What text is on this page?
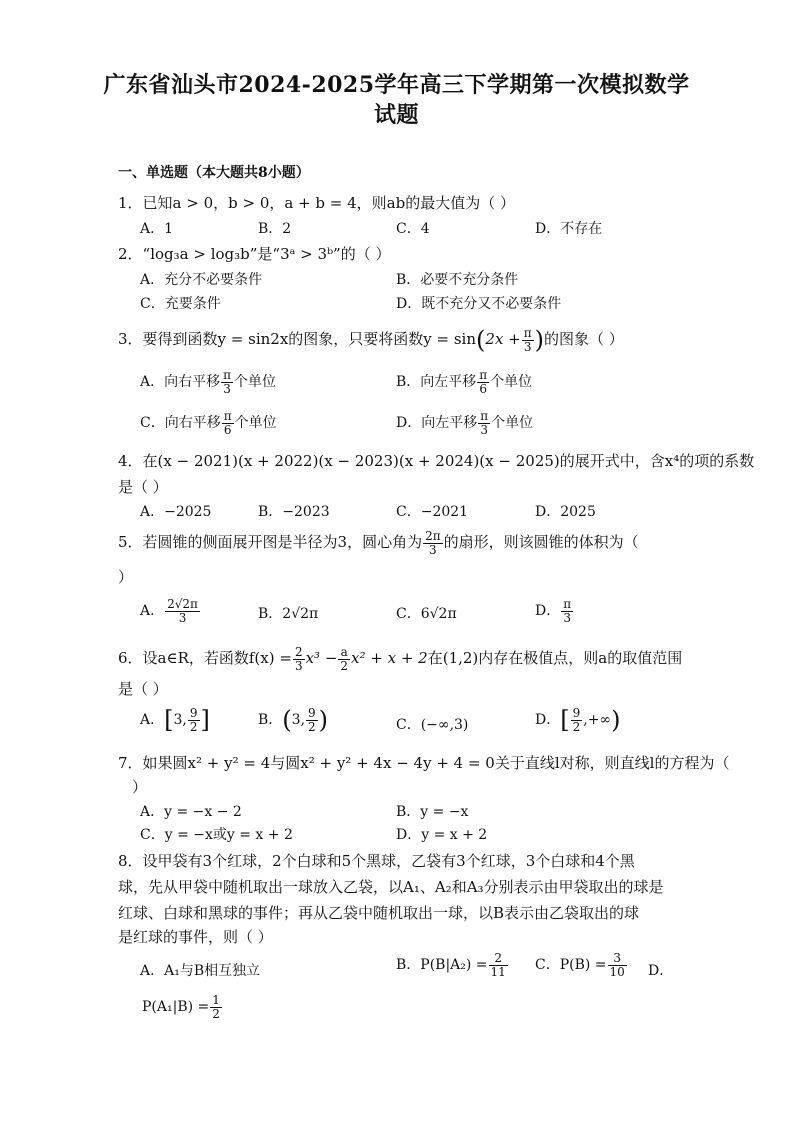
广东省汕头市2024-2025学年高三下学期第一次模拟数学
试题
一、单选题（本大题共8小题）
1．已知a > 0，b > 0，a + b = 4，则ab的最大值为（ ）
A．1	B．2	C．4	D．不存在
2．“log₃a > log₃b”是“3ᵃ > 3ᵇ”的（ ）
A．充分不必要条件	B．必要不充分条件
C．充要条件	D．既不充分又不必要条件
3．要得到函数y = sin2x的图象，只要将函数$y = \sin(2x + \frac{\pi}{3}$ )的图象（ ）
A．向右平移 $\frac{\pi}{3}$ 个单位	B．向左平移 $\frac{\pi}{6}$ 个单位
C．向右平移 $\frac{\pi}{6}$ 个单位	D．向左平移 $\frac{\pi}{3}$ 个单位
4．在(x − 2021)(x + 2022)(x − 2023)(x + 2024)(x − 2025)的展开式中，含x⁴的项的系数
是（ ）
A．−2025	B．−2023	C．−2021	D．2025
5．若圆锥的侧面展开图是半径为3，圆心角为 $\frac{2\pi}{3}$ 的扇形，则该圆锥的体积为（
）
A． $\frac{2√2\pi}{3}$	B．2√2π	C．6√2π	D． $\frac{\pi}{3}$
6．设a∈R，若函数$f(x) = \frac{2}{3} x^3 - \frac{a}{2} x^2 + x + 2$在(1,2)内存在极值点，则a的取值范围
是（ ）
A．[3, $\frac{9}{2}$ ]	B．(3, $\frac{9}{2}$ )	C．(−∞,3)	D．[ $\frac{9}{2}$ ,+∞)
7．如果圆x² + y² = 4与圆x² + y² + 4x − 4y + 4 = 0关于直线l对称，则直线l的方程为（
）
A．y = −x − 2	B．y = −x
C．y = −x或y = x + 2	D．y = x + 2
8．设甲袋有3个红球，2个白球和5个黑球，乙袋有3个红球，3个白球和4个黑
球，先从甲袋中随机取出一球放入乙袋，以A₁、A₂和A₃分别表示由甲袋取出的球是
红球、白球和黑球的事件；再从乙袋中随机取出一球，以B表示由乙袋取出的球
是红球的事件，则（ ）
A．A₁与B相互独立	B．$P(B|A_2) = \frac{2}{11}$ C．$P(B) = \frac{3}{10}$ D．
$P(A_1|B) = \frac{1}{2}$
